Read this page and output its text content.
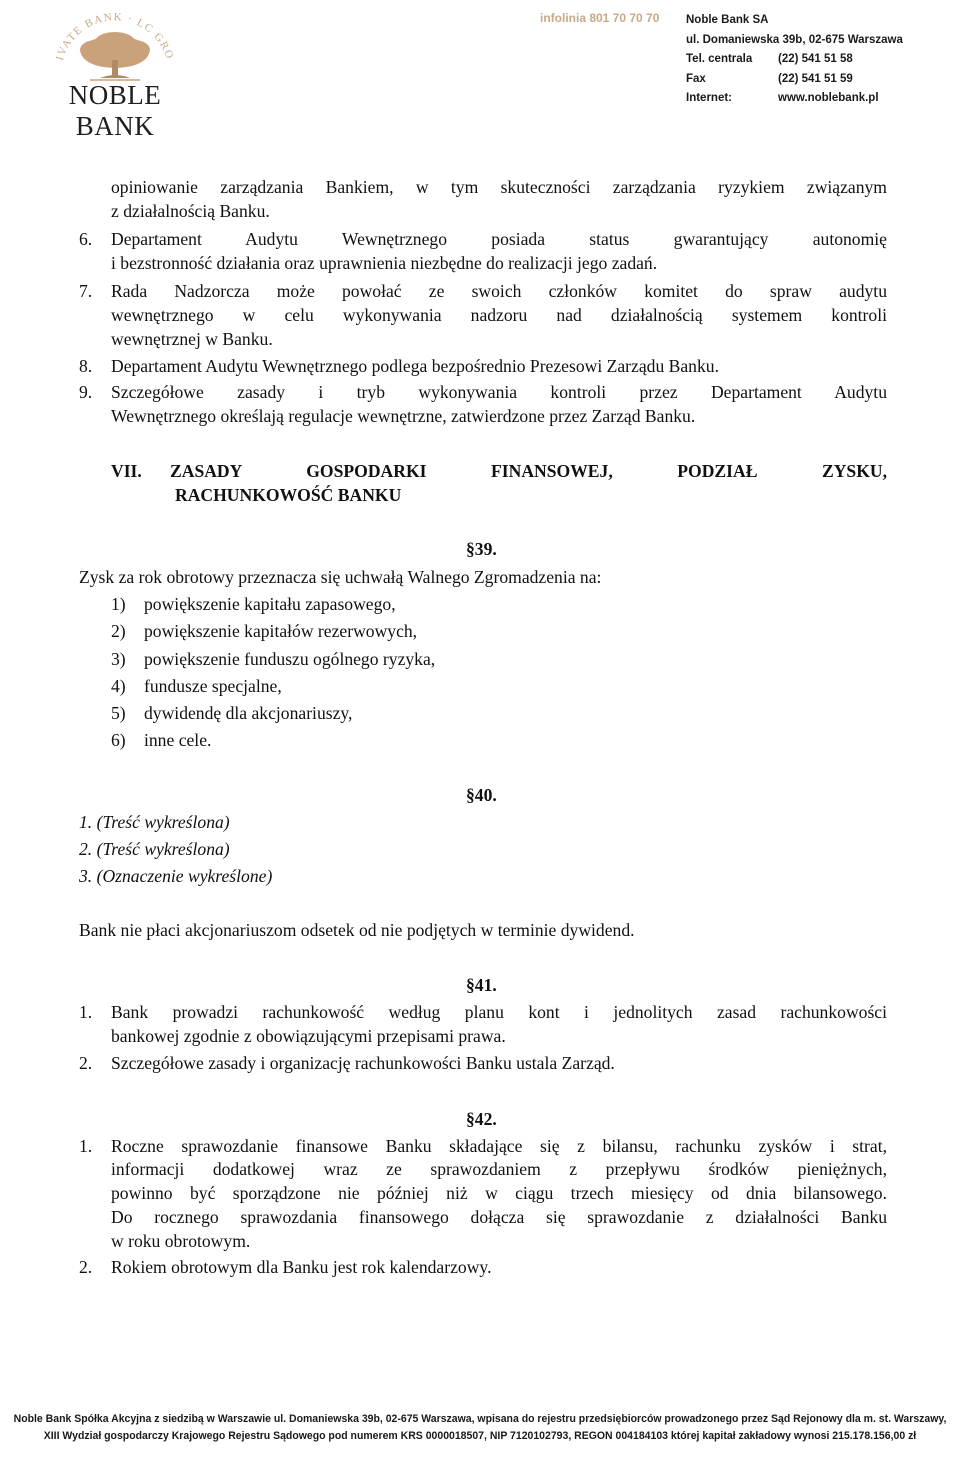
IVATE BANK · LC GRO
NOBLE BANK
infolinia 801 70 70 70 Noble Bank SA
ul. Domaniewska 39b, 02-675 Warszawa
Tel. centrala (22) 541 51 58
Fax	(22) 541 51 59
Internet:	www.noblebank.pl
opiniowanie zarządzania Bankiem, w tym skuteczności zarządzania ryzykiem związanym
z działalnością Banku.
6. Departament Audytu Wewnętrznego posiada status gwarantujący autonomię
i bezstronność działania oraz uprawnienia niezbędne do realizacji jego zadań.
7. Rada Nadzorcza może powołać ze swoich członków komitet do spraw audytu
wewnętrznego w celu wykonywania nadzoru nad działalnością systemem kontroli
wewnętrznej w Banku.
8. Departament Audytu Wewnętrznego podlega bezpośrednio Prezesowi Zarządu Banku.
9. Szczegółowe zasady i tryb wykonywania kontroli przez Departament Audytu
Wewnętrznego określają regulacje wewnętrzne, zatwierdzone przez Zarząd Banku.
VII. ZASADY GOSPODARKI FINANSOWEJ, PODZIAŁ ZYSKU,
RACHUNKOWOŚĆ BANKU
§39.
Zysk za rok obrotowy przeznacza się uchwałą Walnego Zgromadzenia na:
1) powiększenie kapitału zapasowego,
2) powiększenie kapitałów rezerwowych,
3) powiększenie funduszu ogólnego ryzyka,
4) fundusze specjalne,
5) dywidendę dla akcjonariuszy,
6) inne cele.
§40.
1. (Treść wykreślona)
2. (Treść wykreślona)
3. (Oznaczenie wykreślone)
Bank nie płaci akcjonariuszom odsetek od nie podjętych w terminie dywidend.
§41.
1. Bank prowadzi rachunkowość według planu kont i jednolitych zasad rachunkowości
bankowej zgodnie z obowiązującymi przepisami prawa.
2. Szczegółowe zasady i organizację rachunkowości Banku ustala Zarząd.
§42.
1. Roczne sprawozdanie finansowe Banku składające się z bilansu, rachunku zysków i strat,
informacji dodatkowej wraz ze sprawozdaniem z przepływu środków pieniężnych,
powinno być sporządzone nie później niż w ciągu trzech miesięcy od dnia bilansowego.
Do rocznego sprawozdania finansowego dołącza się sprawozdanie z działalności Banku
w roku obrotowym.
2. Rokiem obrotowym dla Banku jest rok kalendarzowy.
Noble Bank Spółka Akcyjna z siedzibą w Warszawie ul. Domaniewska 39b, 02-675 Warszawa, wpisana do rejestru przedsiębiorców prowadzonego przez Sąd Rejonowy dla m. st. Warszawy,
XIII Wydział gospodarczy Krajowego Rejestru Sądowego pod numerem KRS 0000018507, NIP 7120102793, REGON 004184103 której kapitał zakładowy wynosi 215.178.156,00 zł
